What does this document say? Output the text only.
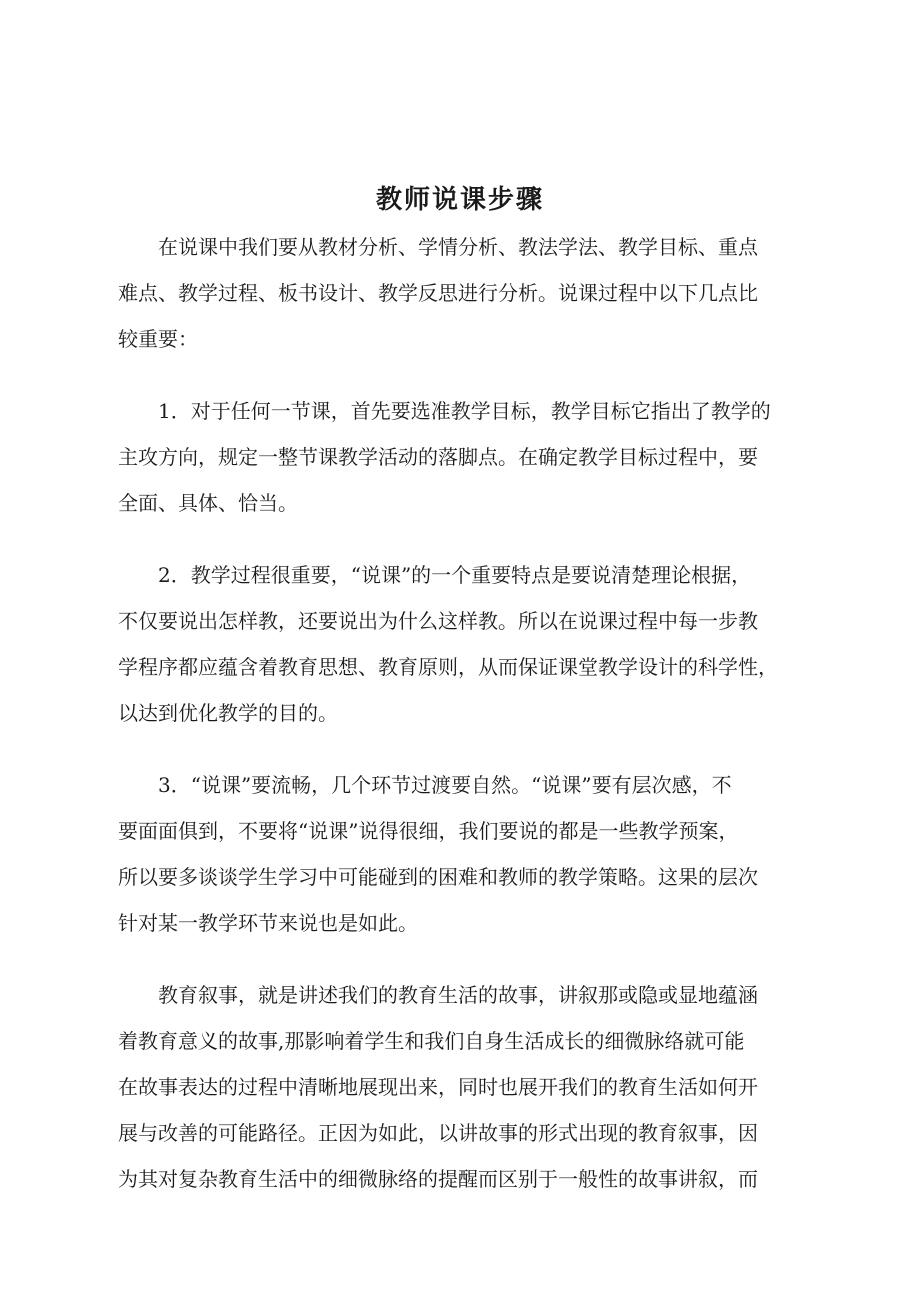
教师说课步骤

在说课中我们要从教材分析、学情分析、教法学法、教学目标、重点
难点、教学过程、板书设计、教学反思进行分析。说课过程中以下几点比
较重要：

1．对于任何一节课，首先要选准教学目标，教学目标它指出了教学的
主攻方向，规定一整节课教学活动的落脚点。在确定教学目标过程中，要
全面、具体、恰当。

2．教学过程很重要，“说课”的一个重要特点是要说清楚理论根据，
不仅要说出怎样教，还要说出为什么这样教。所以在说课过程中每一步教
学程序都应蕴含着教育思想、教育原则，从而保证课堂教学设计的科学性，
以达到优化教学的目的。

3．“说课”要流畅，几个环节过渡要自然。“说课”要有层次感，不
要面面俱到，不要将“说课”说得很细，我们要说的都是一些教学预案，
所以要多谈谈学生学习中可能碰到的困难和教师的教学策略。这果的层次
针对某一教学环节来说也是如此。

教育叙事，就是讲述我们的教育生活的故事，讲叙那或隐或显地蕴涵
着教育意义的故事,那影响着学生和我们自身生活成长的细微脉络就可能
在故事表达的过程中清晰地展现出来，同时也展开我们的教育生活如何开
展与改善的可能路径。正因为如此，以讲故事的形式出现的教育叙事，因
为其对复杂教育生活中的细微脉络的提醒而区别于一般性的故事讲叙，而
